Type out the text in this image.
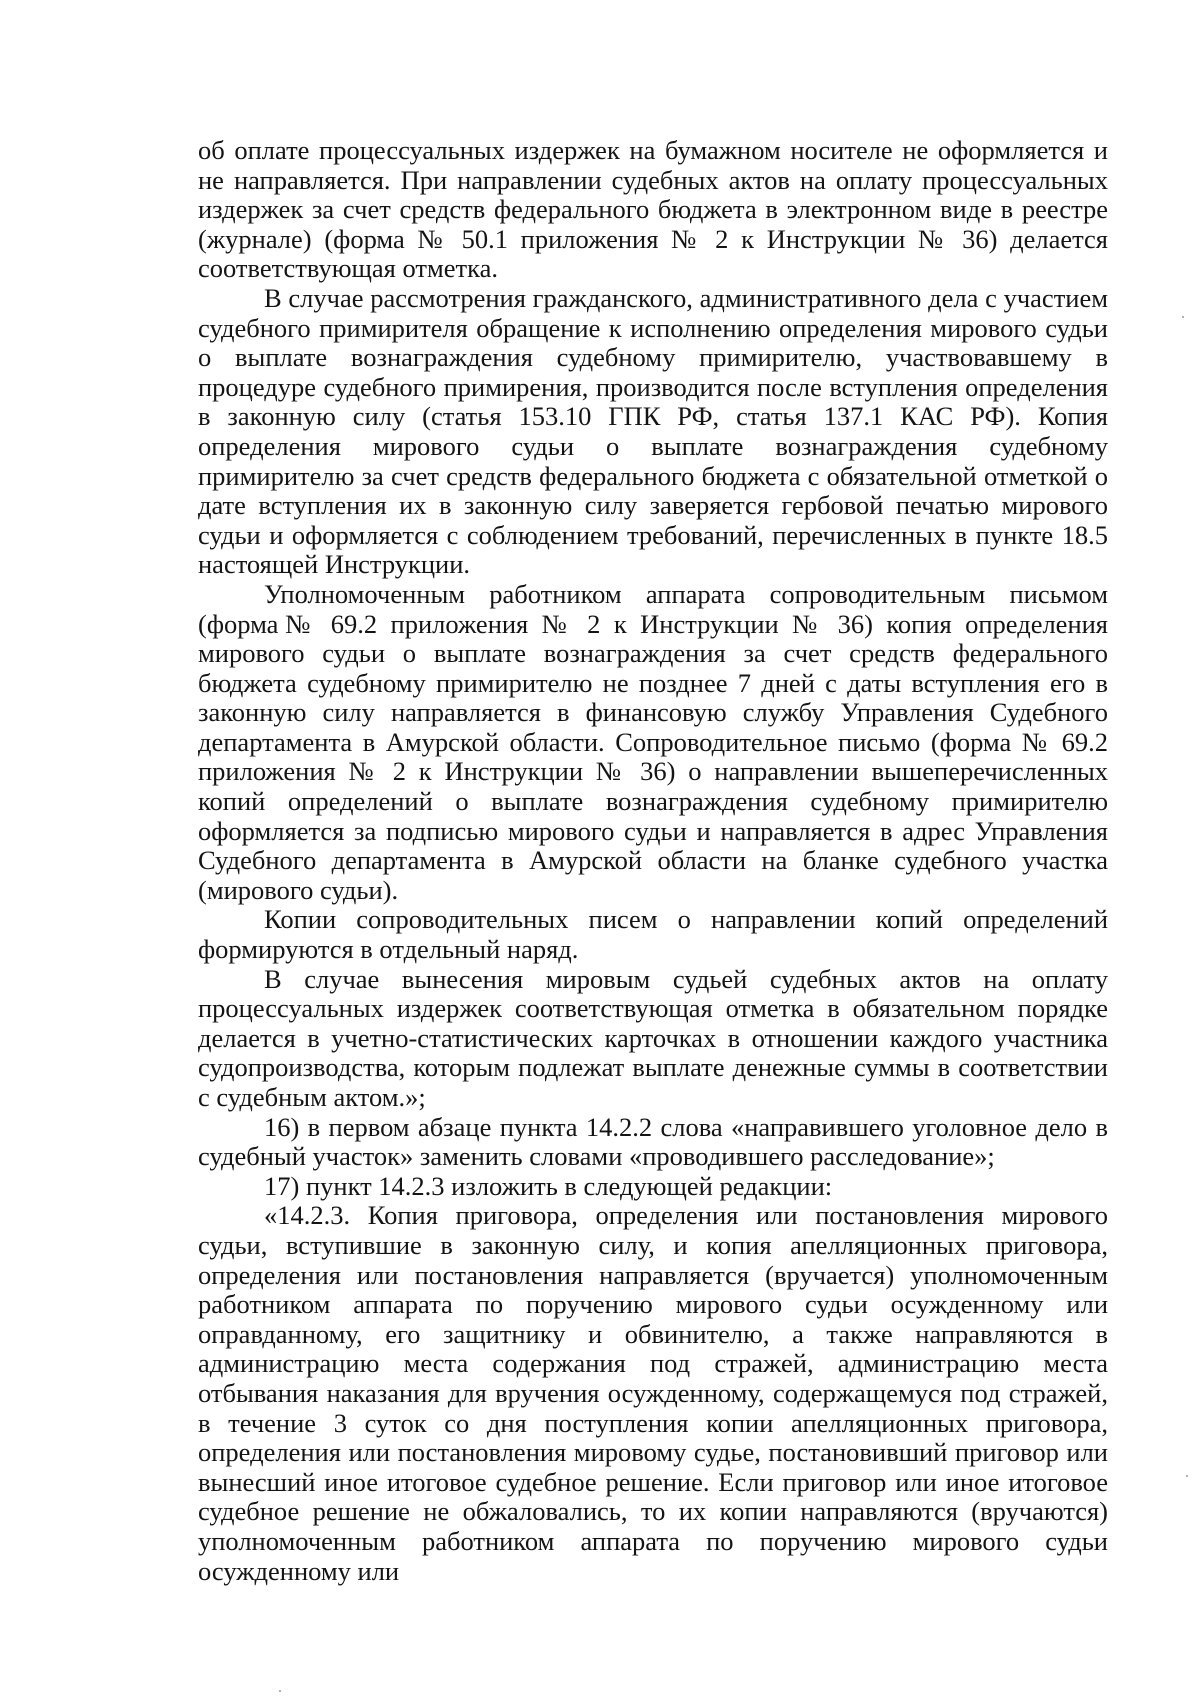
об оплате процессуальных издержек на бумажном носителе не оформляется и не направляется. При направлении судебных актов на оплату процессуальных издержек за счет средств федерального бюджета в электронном виде в реестре (журнале) (форма № 50.1 приложения № 2 к Инструкции № 36) делается соответствующая отметка.

В случае рассмотрения гражданского, административного дела с участием судебного примирителя обращение к исполнению определения мирового судьи о выплате вознаграждения судебному примирителю, участвовавшему в процедуре судебного примирения, производится после вступления определения в законную силу (статья 153.10 ГПК РФ, статья 137.1 КАС РФ). Копия определения мирового судьи о выплате вознаграждения судебному примирителю за счет средств федерального бюджета с обязательной отметкой о дате вступления их в законную силу заверяется гербовой печатью мирового судьи и оформляется с соблюдением требований, перечисленных в пункте 18.5 настоящей Инструкции.

Уполномоченным работником аппарата сопроводительным письмом (форма№ 69.2 приложения № 2 к Инструкции № 36) копия определения мирового судьи о выплате вознаграждения за счет средств федерального бюджета судебному примирителю не позднее 7 дней с даты вступления его в законную силу направляется в финансовую службу Управления Судебного департамента в Амурской области. Сопроводительное письмо (форма № 69.2 приложения № 2 к Инструкции № 36) о направлении вышеперечисленных копий определений о выплате вознаграждения судебному примирителю оформляется за подписью мирового судьи и направляется в адрес Управления Судебного департамента в Амурской области на бланке судебного участка (мирового судьи).

Копии сопроводительных писем о направлении копий определений формируются в отдельный наряд.

В случае вынесения мировым судьей судебных актов на оплату процессуальных издержек соответствующая отметка в обязательном порядке делается в учетно-статистических карточках в отношении каждого участника судопроизводства, которым подлежат выплате денежные суммы в соответствии с судебным актом.»;

16) в первом абзаце пункта 14.2.2 слова «направившего уголовное дело в судебный участок» заменить словами «проводившего расследование»;

17) пункт 14.2.3 изложить в следующей редакции:

«14.2.3. Копия приговора, определения или постановления мирового судьи, вступившие в законную силу, и копия апелляционных приговора, определения или постановления направляется (вручается) уполномоченным работником аппарата по поручению мирового судьи осужденному или оправданному, его защитнику и обвинителю, а также направляются в администрацию места содержания под стражей, администрацию места отбывания наказания для вручения осужденному, содержащемуся под стражей, в течение 3 суток со дня поступления копии апелляционных приговора, определения или постановления мировому судье, постановивший приговор или вынесший иное итоговое судебное решение. Если приговор или иное итоговое судебное решение не обжаловались, то их копии направляются (вручаются) уполномоченным работником аппарата по поручению мирового судьи осужденному или
